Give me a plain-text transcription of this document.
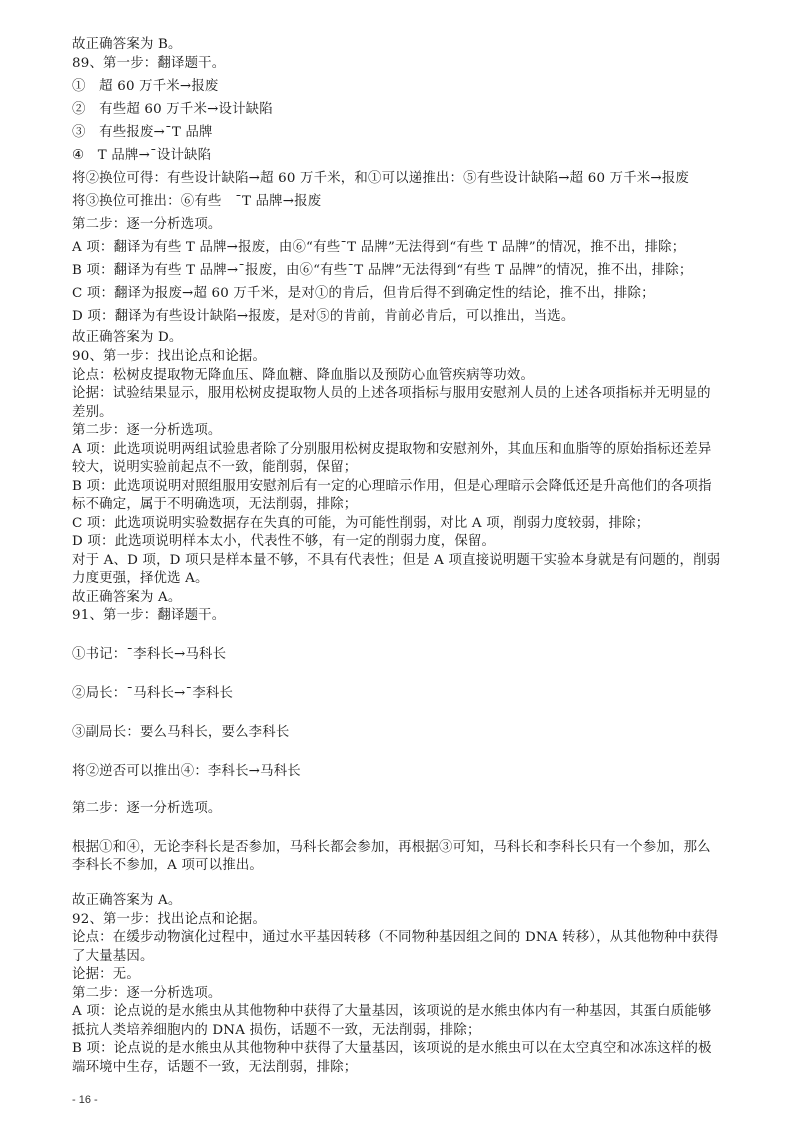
故正确答案为 B。
89、第一步：翻译题干。
①　超 60 万千米→报废
②　有些超 60 万千米→设计缺陷
③　有些报废→ˉT 品牌
④　T 品牌→ˉ设计缺陷
将②换位可得：有些设计缺陷→超 60 万千米，和①可以递推出：⑤有些设计缺陷→超 60 万千米→报废
将③换位可推出：⑥有些　ˉT 品牌→报废
第二步：逐一分析选项。
A 项：翻译为有些 T 品牌→报废，由⑥“有些ˉT 品牌”无法得到“有些 T 品牌”的情况，推不出，排除；
B 项：翻译为有些 T 品牌→ˉ报废，由⑥“有些ˉT 品牌”无法得到“有些 T 品牌”的情况，推不出，排除；
C 项：翻译为报废→超 60 万千米，是对①的肯后，但肯后得不到确定性的结论，推不出，排除；
D 项：翻译为有些设计缺陷→报废，是对⑤的肯前，肯前必肯后，可以推出，当选。
故正确答案为 D。
90、第一步：找出论点和论据。
论点：松树皮提取物无降血压、降血糖、降血脂以及预防心血管疾病等功效。
论据：试验结果显示，服用松树皮提取物人员的上述各项指标与服用安慰剂人员的上述各项指标并无明显的
差别。
第二步：逐一分析选项。
A 项：此选项说明两组试验患者除了分别服用松树皮提取物和安慰剂外，其血压和血脂等的原始指标还差异
较大，说明实验前起点不一致，能削弱，保留；
B 项：此选项说明对照组服用安慰剂后有一定的心理暗示作用，但是心理暗示会降低还是升高他们的各项指
标不确定，属于不明确选项，无法削弱，排除；
C 项：此选项说明实验数据存在失真的可能，为可能性削弱，对比 A 项，削弱力度较弱，排除；
D 项：此选项说明样本太小，代表性不够，有一定的削弱力度，保留。
对于 A、D 项，D 项只是样本量不够，不具有代表性；但是 A 项直接说明题干实验本身就是有问题的，削弱
力度更强，择优选 A。
故正确答案为 A。
91、第一步：翻译题干。
①书记：ˉ李科长→马科长
②局长：ˉ马科长→ˉ李科长
③副局长：要么马科长，要么李科长
将②逆否可以推出④：李科长→马科长
第二步：逐一分析选项。
根据①和④，无论李科长是否参加，马科长都会参加，再根据③可知，马科长和李科长只有一个参加，那么
李科长不参加，A 项可以推出。
故正确答案为 A。
92、第一步：找出论点和论据。
论点：在缓步动物演化过程中，通过水平基因转移（不同物种基因组之间的 DNA 转移），从其他物种中获得
了大量基因。
论据：无。
第二步：逐一分析选项。
A 项：论点说的是水熊虫从其他物种中获得了大量基因，该项说的是水熊虫体内有一种基因，其蛋白质能够
抵抗人类培养细胞内的 DNA 损伤，话题不一致，无法削弱，排除；
B 项：论点说的是水熊虫从其他物种中获得了大量基因，该项说的是水熊虫可以在太空真空和冰冻这样的极
端环境中生存，话题不一致，无法削弱，排除；
- 16 -
